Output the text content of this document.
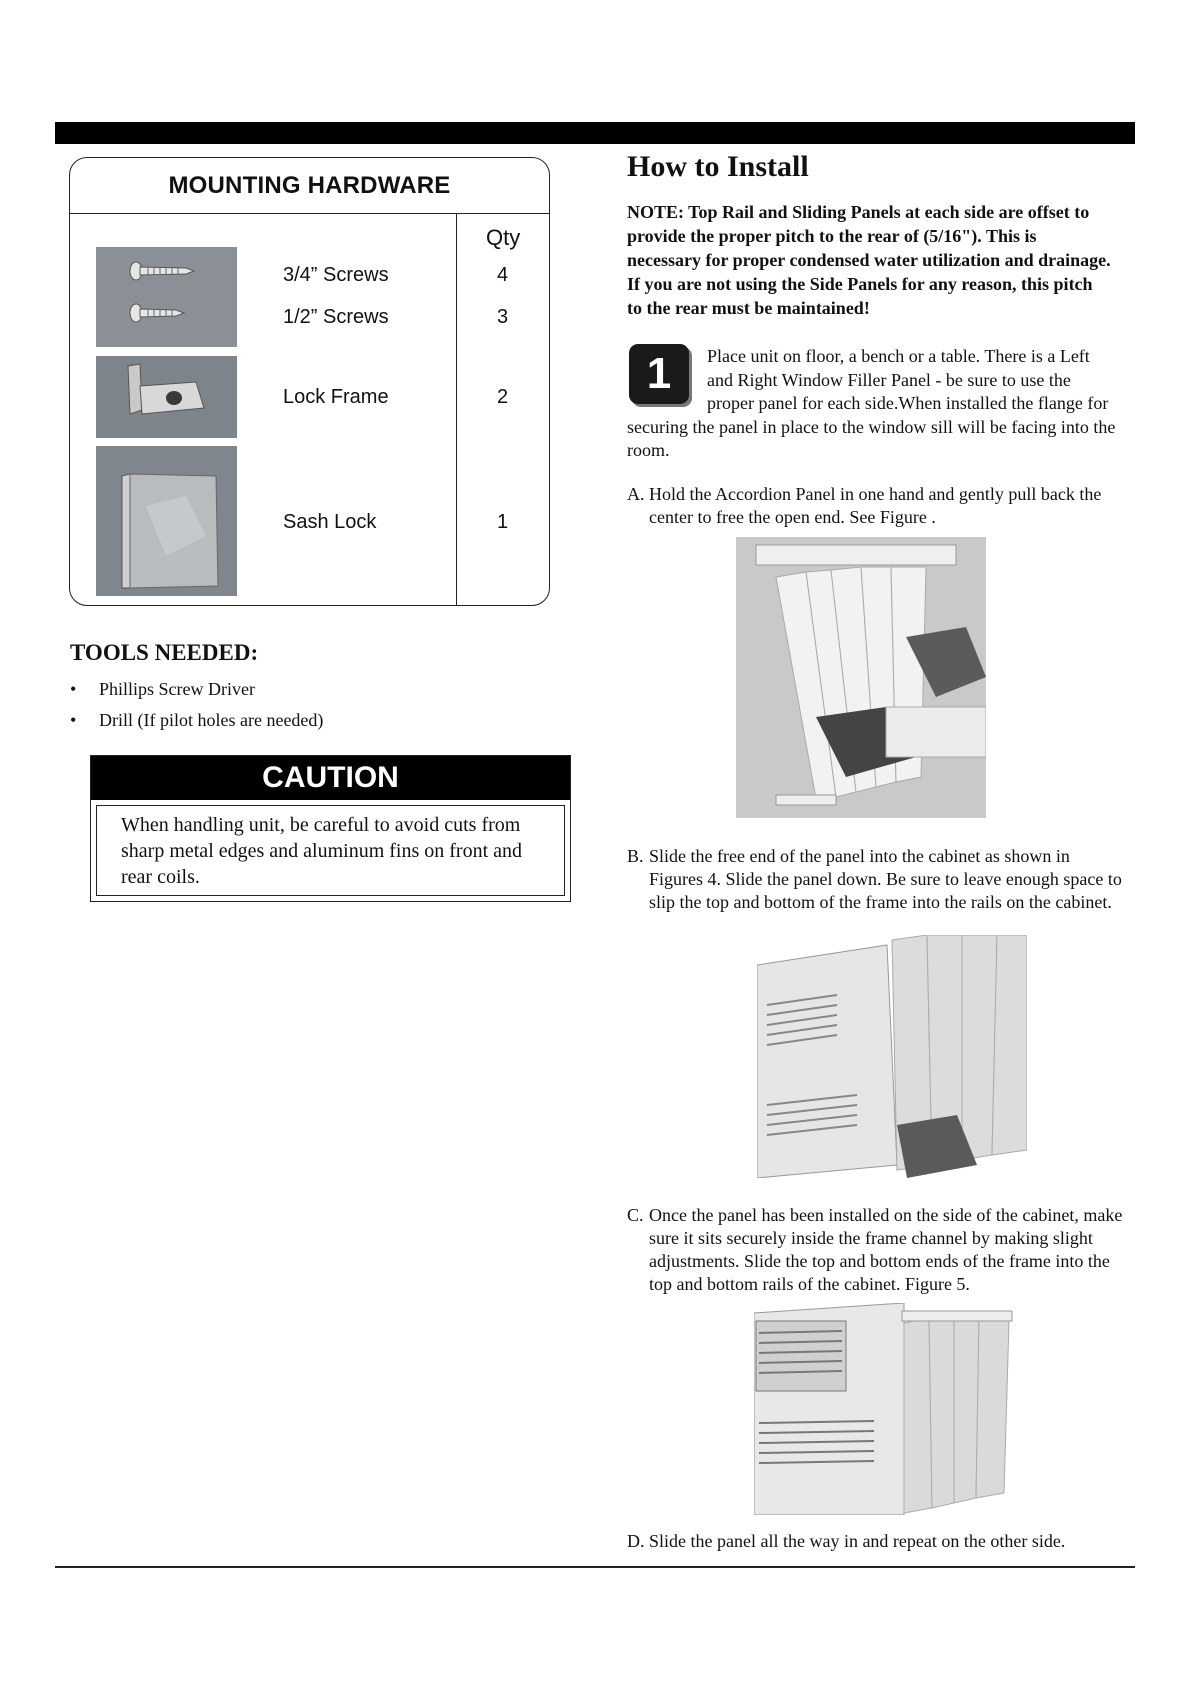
MOUNTING HARDWARE
Qty
3/4” Screws	4
1/2” Screws	3
Lock Frame	2
Sash Lock	1
TOOLS NEEDED:
• Phillips Screw Driver
• Drill (If pilot holes are needed)
CAUTION
When handling unit, be careful to avoid cuts from sharp metal edges and aluminum fins on front and rear coils.
How to Install
NOTE: Top Rail and Sliding Panels at each side are offset to provide the proper pitch to the rear of (5/16"). This is necessary for proper condensed water utilization and drainage. If you are not using the Side Panels for any reason, this pitch to the rear must be maintained!
Place unit on floor, a bench or a table. There is a Left and Right Window Filler Panel - be sure to use the proper panel for each side.When installed the flange for securing the panel in place to the window sill will be facing into the room.
1
A. Hold the Accordion Panel in one hand and gently pull back the center to free the open end. See Figure .
B. Slide the free end of the panel into the cabinet as shown in Figures 4. Slide the panel down. Be sure to leave enough space to slip the top and bottom of the frame into the rails on the cabinet.
C. Once the panel has been installed on the side of the cabinet, make sure it sits securely inside the frame channel by making slight adjustments. Slide the top and bottom ends of the frame into the top and bottom rails of the cabinet. Figure 5.
D. Slide the panel all the way in and repeat on the other side.
